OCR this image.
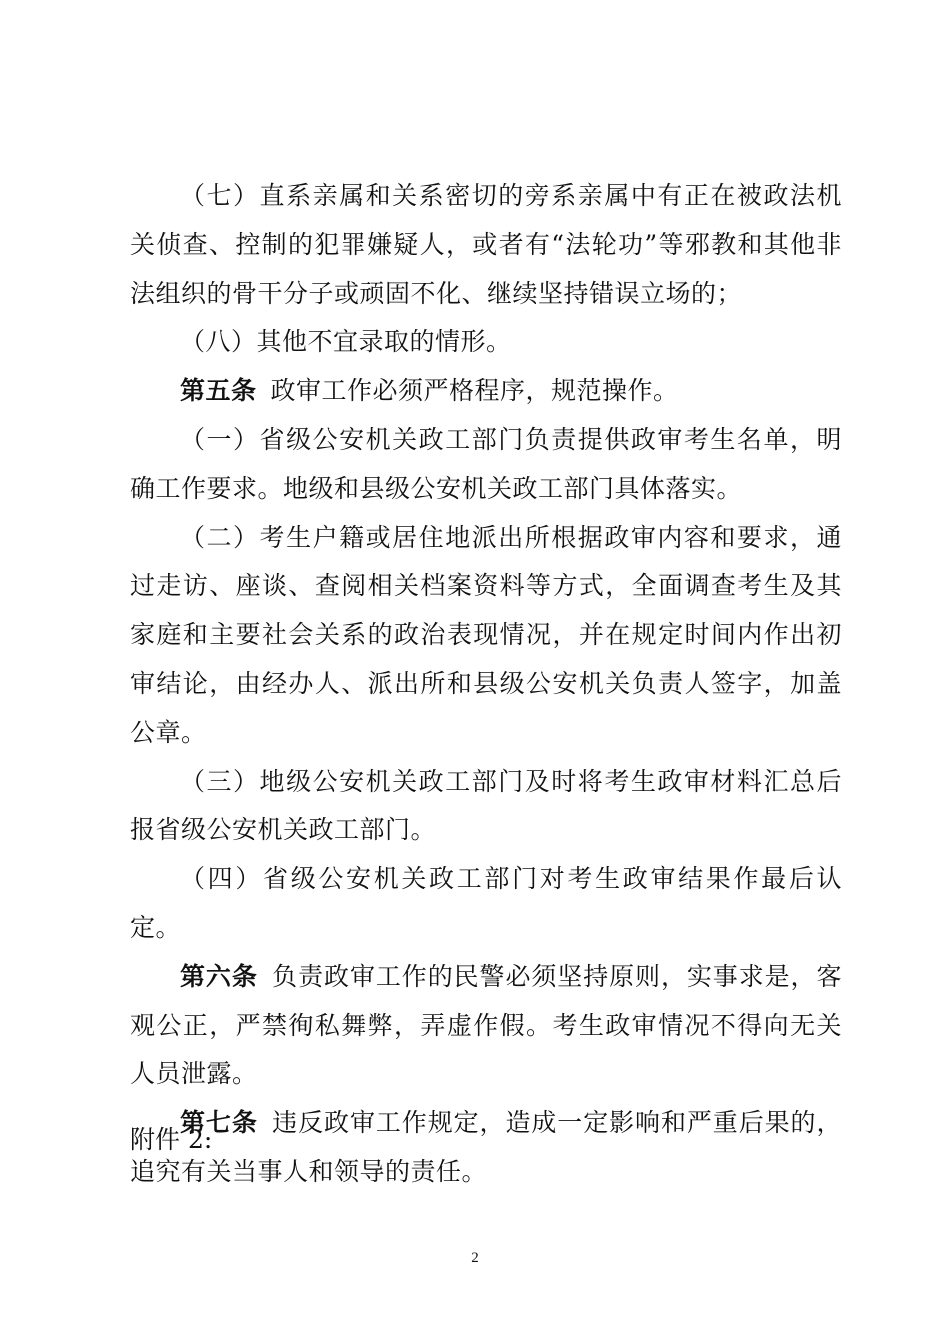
（七）直系亲属和关系密切的旁系亲属中有正在被政法机关侦查、控制的犯罪嫌疑人，或者有“法轮功”等邪教和其他非法组织的骨干分子或顽固不化、继续坚持错误立场的；

（八）其他不宜录取的情形。

第五条 政审工作必须严格程序，规范操作。

（一）省级公安机关政工部门负责提供政审考生名单，明确工作要求。地级和县级公安机关政工部门具体落实。

（二）考生户籍或居住地派出所根据政审内容和要求，通过走访、座谈、查阅相关档案资料等方式，全面调查考生及其家庭和主要社会关系的政治表现情况，并在规定时间内作出初审结论，由经办人、派出所和县级公安机关负责人签字，加盖公章。

（三）地级公安机关政工部门及时将考生政审材料汇总后报省级公安机关政工部门。

（四）省级公安机关政工部门对考生政审结果作最后认定。

第六条 负责政审工作的民警必须坚持原则，实事求是，客观公正，严禁徇私舞弊，弄虚作假。考生政审情况不得向无关人员泄露。

第七条 违反政审工作规定，造成一定影响和严重后果的，追究有关当事人和领导的责任。

附件 2:
2
